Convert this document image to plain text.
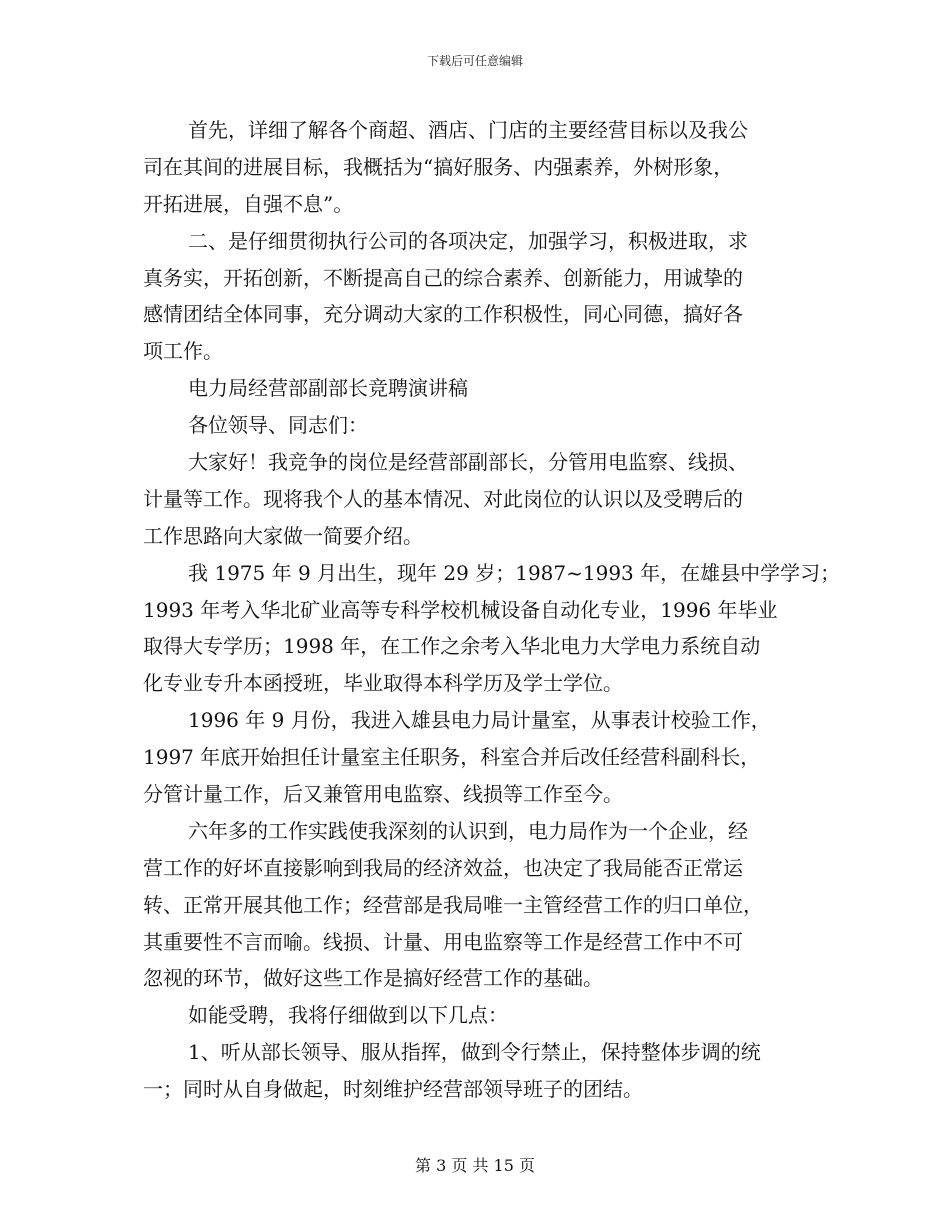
下载后可任意编辑
首先，详细了解各个商超、酒店、门店的主要经营目标以及我公
司在其间的进展目标，我概括为“搞好服务、内强素养，外树形象，
开拓进展，自强不息”。
二、是仔细贯彻执行公司的各项决定，加强学习，积极进取，求
真务实，开拓创新，不断提高自己的综合素养、创新能力，用诚挚的
感情团结全体同事，充分调动大家的工作积极性，同心同德，搞好各
项工作。
电力局经营部副部长竞聘演讲稿
各位领导、同志们：
大家好！我竞争的岗位是经营部副部长，分管用电监察、线损、
计量等工作。现将我个人的基本情况、对此岗位的认识以及受聘后的
工作思路向大家做一简要介绍。
我 1975 年 9 月出生，现年 29 岁；1987~1993 年，在雄县中学学习；
1993 年考入华北矿业高等专科学校机械设备自动化专业，1996 年毕业
取得大专学历；1998 年，在工作之余考入华北电力大学电力系统自动
化专业专升本函授班，毕业取得本科学历及学士学位。
1996 年 9 月份，我进入雄县电力局计量室，从事表计校验工作，
1997 年底开始担任计量室主任职务，科室合并后改任经营科副科长，
分管计量工作，后又兼管用电监察、线损等工作至今。
六年多的工作实践使我深刻的认识到，电力局作为一个企业，经
营工作的好坏直接影响到我局的经济效益，也决定了我局能否正常运
转、正常开展其他工作；经营部是我局唯一主管经营工作的归口单位，
其重要性不言而喻。线损、计量、用电监察等工作是经营工作中不可
忽视的环节，做好这些工作是搞好经营工作的基础。
如能受聘，我将仔细做到以下几点：
1、听从部长领导、服从指挥，做到令行禁止，保持整体步调的统
一；同时从自身做起，时刻维护经营部领导班子的团结。
第 3 页 共 15 页
